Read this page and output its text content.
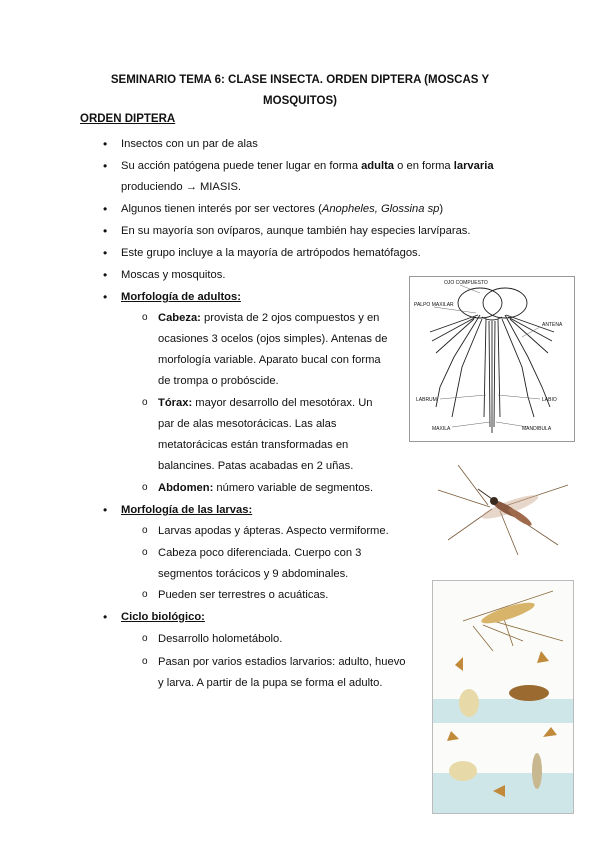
SEMINARIO TEMA 6: CLASE INSECTA. ORDEN DIPTERA (MOSCAS Y
MOSQUITOS)
ORDEN DIPTERA
• Insectos con un par de alas
• Su acción patógena puede tener lugar en forma adulta o en forma larvaria
produciendo → MIASIS.
• Algunos tienen interés por ser vectores (Anopheles, Glossina sp)
• En su mayoría son ovíparos, aunque también hay especies larvíparas.
• Este grupo incluye a la mayoría de artrópodos hematófagos.
• Moscas y mosquitos.
• Morfología de adultos:
o Cabeza: provista de 2 ojos compuestos y en
ocasiones 3 ocelos (ojos simples). Antenas de
morfología variable. Aparato bucal con forma
de trompa o probóscide.
o Tórax: mayor desarrollo del mesotórax. Un
par de alas mesotorácicas. Las alas
metatorácicas están transformadas en
balancines. Patas acabadas en 2 uñas.
o Abdomen: número variable de segmentos.
• Morfología de las larvas:
o Larvas apodas y ápteras. Aspecto vermiforme.
o Cabeza poco diferenciada. Cuerpo con 3
segmentos torácicos y 9 abdominales.
o Pueden ser terrestres o acuáticas.
• Ciclo biológico:
o Desarrollo holometábolo.
o Pasan por varios estadios larvarios: adulto, huevo
y larva. A partir de la pupa se forma el adulto.
OJO COMPUESTO
PALPO MAXILAR
ANTENA
LABRUM	LABIO
MAXILA	MANDIBULA
